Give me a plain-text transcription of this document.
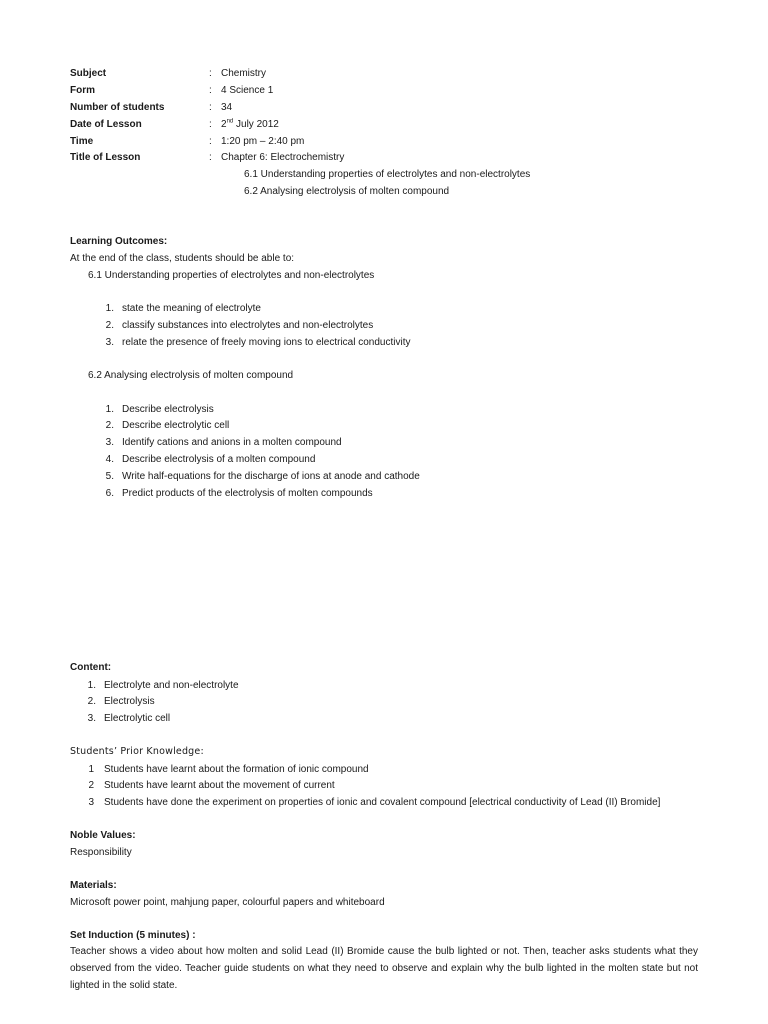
Subject	: Chemistry
Form	: 4 Science 1
Number of students	: 34
Date of Lesson	: 2nd July 2012
Time	: 1:20 pm – 2:40 pm
Title of Lesson	: Chapter 6: Electrochemistry
6.1 Understanding properties of electrolytes and non-electrolytes
6.2 Analysing electrolysis of molten compound
Learning Outcomes:
At the end of the class, students should be able to:
6.1 Understanding properties of electrolytes and non-electrolytes
1. state the meaning of electrolyte
2. classify substances into electrolytes and non-electrolytes
3. relate the presence of freely moving ions to electrical conductivity
6.2 Analysing electrolysis of molten compound
1. Describe electrolysis
2. Describe electrolytic cell
3. Identify cations and anions in a molten compound
4. Describe electrolysis of a molten compound
5. Write half-equations for the discharge of ions at anode and cathode
6. Predict products of the electrolysis of molten compounds
Content:
1. Electrolyte and non-electrolyte
2. Electrolysis
3. Electrolytic cell
Students’ Prior Knowledge:
1 Students have learnt about the formation of ionic compound
2 Students have learnt about the movement of current
3 Students have done the experiment on properties of ionic and covalent compound [electrical conductivity of Lead (II) Bromide]
Noble Values:
Responsibility
Materials:
Microsoft power point, mahjung paper, colourful papers and whiteboard
Set Induction (5 minutes) :
Teacher shows a video about how molten and solid Lead (II) Bromide cause the bulb lighted or not. Then, teacher asks students what they observed from the video. Teacher guide students on what they need to observe and explain why the bulb lighted in the molten state but not lighted in the solid state.
